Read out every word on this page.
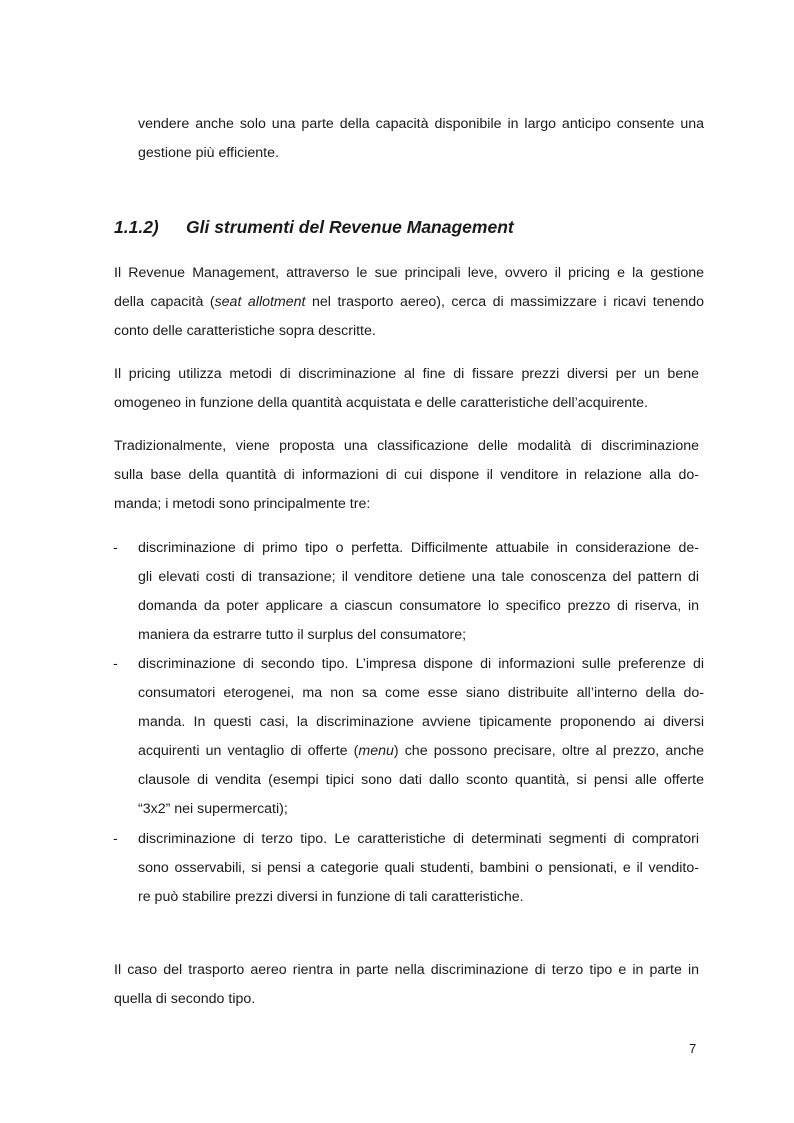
vendere anche solo una parte della capacità disponibile in largo anticipo consente una
gestione più efficiente.
1.1.2) Gli strumenti del Revenue Management
Il Revenue Management, attraverso le sue principali leve, ovvero il pricing e la gestione
della capacità (seat allotment nel trasporto aereo), cerca di massimizzare i ricavi tenendo
conto delle caratteristiche sopra descritte.
Il pricing utilizza metodi di discriminazione al fine di fissare prezzi diversi per un bene
omogeneo in funzione della quantità acquistata e delle caratteristiche dell’acquirente.
Tradizionalmente, viene proposta una classificazione delle modalità di discriminazione
sulla base della quantità di informazioni di cui dispone il venditore in relazione alla do-
manda; i metodi sono principalmente tre:
- discriminazione di primo tipo o perfetta. Difficilmente attuabile in considerazione de-
gli elevati costi di transazione; il venditore detiene una tale conoscenza del pattern di
domanda da poter applicare a ciascun consumatore lo specifico prezzo di riserva, in
maniera da estrarre tutto il surplus del consumatore;
- discriminazione di secondo tipo. L’impresa dispone di informazioni sulle preferenze di
consumatori eterogenei, ma non sa come esse siano distribuite all’interno della do-
manda. In questi casi, la discriminazione avviene tipicamente proponendo ai diversi
acquirenti un ventaglio di offerte (menu) che possono precisare, oltre al prezzo, anche
clausole di vendita (esempi tipici sono dati dallo sconto quantità, si pensi alle offerte
“3x2” nei supermercati);
- discriminazione di terzo tipo. Le caratteristiche di determinati segmenti di compratori
sono osservabili, si pensi a categorie quali studenti, bambini o pensionati, e il vendito-
re può stabilire prezzi diversi in funzione di tali caratteristiche.
Il caso del trasporto aereo rientra in parte nella discriminazione di terzo tipo e in parte in
quella di secondo tipo.
7
